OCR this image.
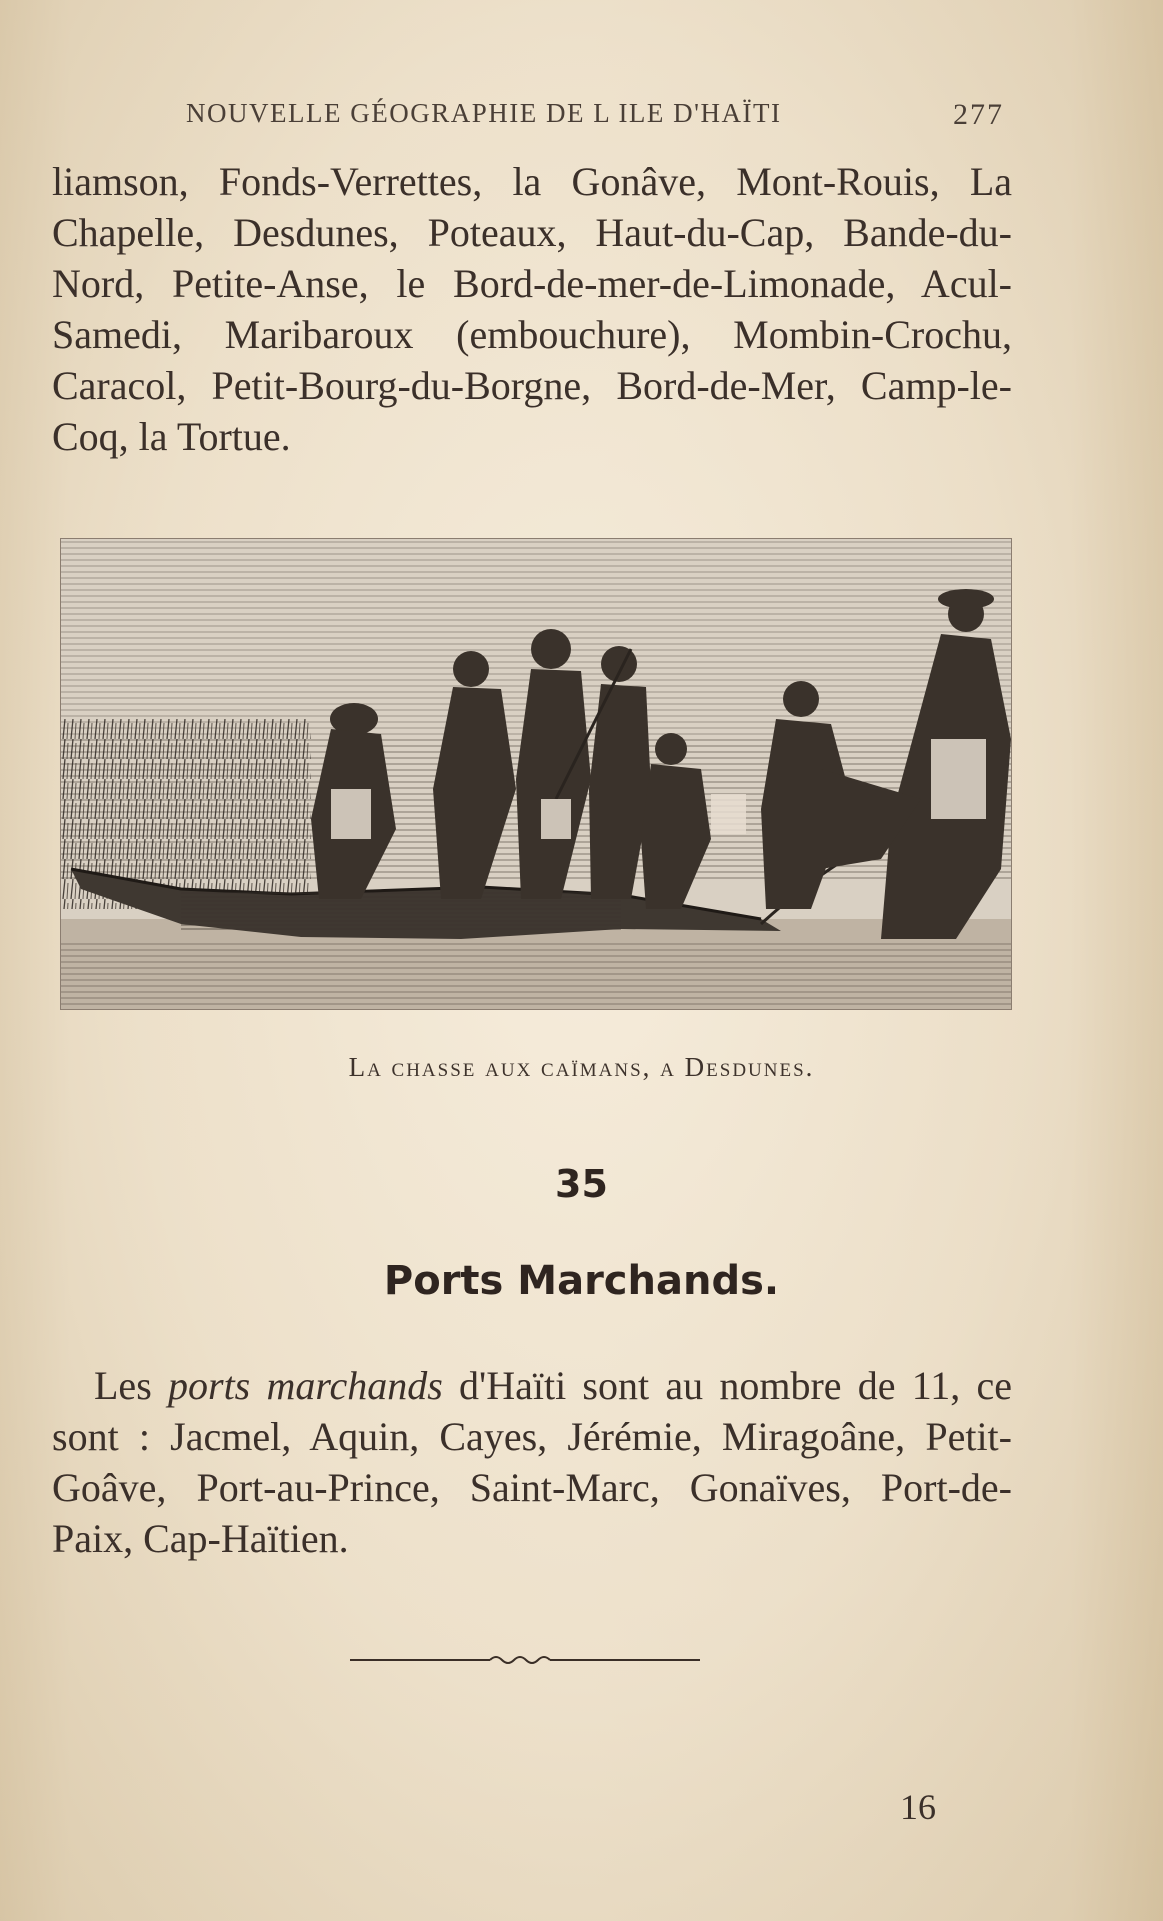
NOUVELLE GÉOGRAPHIE DE L ILE D'HAÏTI	277

liamson, Fonds-Verrettes, la Gonâve, Mont-Rouis, La Chapelle, Desdunes, Poteaux, Haut-du-Cap, Bande-du-Nord, Petite-Anse, le Bord-de-mer-de-Limonade, Acul-Samedi, Maribaroux (embouchure), Mombin-Crochu, Caracol, Petit-Bourg-du-Borgne, Bord-de-Mer, Camp-le-Coq, la Tortue.

La chasse aux caïmans, a Desdunes.
35
Ports Marchands.

Les ports marchands d'Haïti sont au nombre de 11, ce sont : Jacmel, Aquin, Cayes, Jérémie, Miragoâne, Petit-Goâve, Port-au-Prince, Saint-Marc, Gonaïves, Port-de-Paix, Cap-Haïtien.

16
